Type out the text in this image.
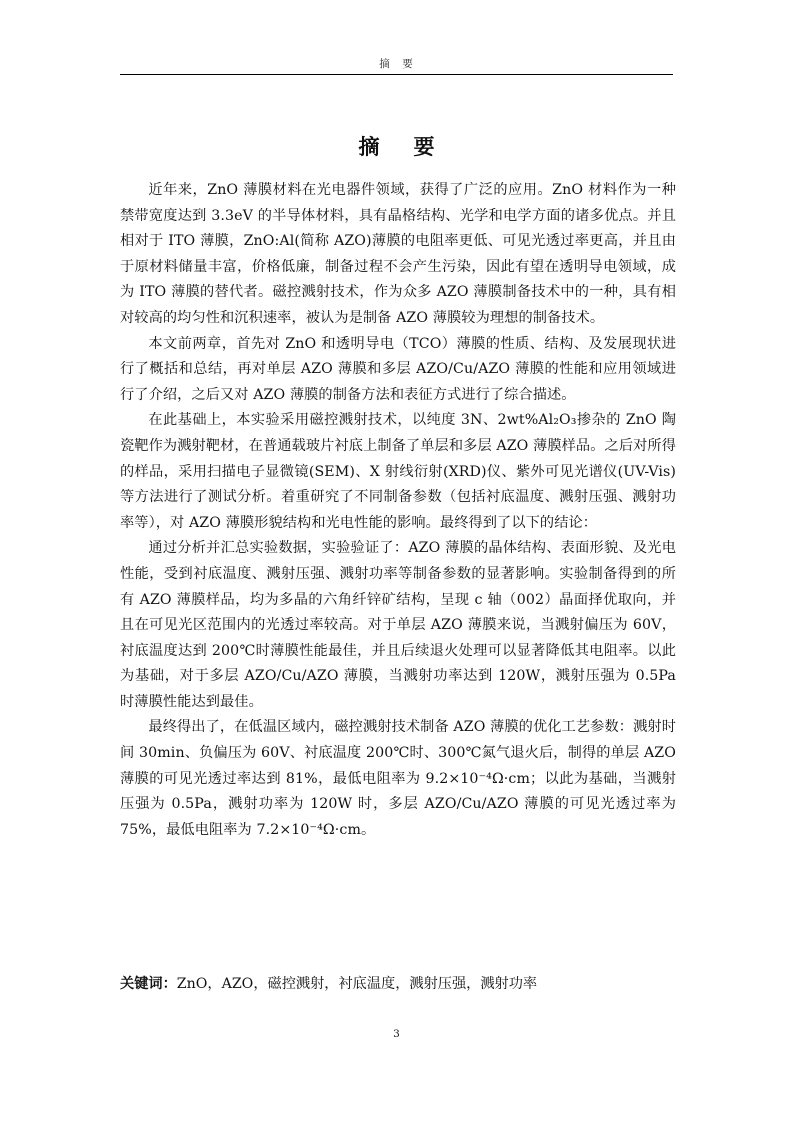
摘　要
摘要

近年来，ZnO 薄膜材料在光电器件领域，获得了广泛的应用。ZnO 材料作为一种禁带宽度达到 3.3eV 的半导体材料，具有晶格结构、光学和电学方面的诸多优点。并且相对于 ITO 薄膜，ZnO:Al(简称 AZO)薄膜的电阻率更低、可见光透过率更高，并且由于原材料储量丰富，价格低廉，制备过程不会产生污染，因此有望在透明导电领域，成为 ITO 薄膜的替代者。磁控溅射技术，作为众多 AZO 薄膜制备技术中的一种，具有相对较高的均匀性和沉积速率，被认为是制备 AZO 薄膜较为理想的制备技术。

本文前两章，首先对 ZnO 和透明导电（TCO）薄膜的性质、结构、及发展现状进行了概括和总结，再对单层 AZO 薄膜和多层 AZO/Cu/AZO 薄膜的性能和应用领域进行了介绍，之后又对 AZO 薄膜的制备方法和表征方式进行了综合描述。

在此基础上，本实验采用磁控溅射技术，以纯度 3N、2wt%Al₂O₃掺杂的 ZnO 陶瓷靶作为溅射靶材，在普通载玻片衬底上制备了单层和多层 AZO 薄膜样品。之后对所得的样品，采用扫描电子显微镜(SEM)、X 射线衍射(XRD)仪、紫外可见光谱仪(UV-Vis)等方法进行了测试分析。着重研究了不同制备参数（包括衬底温度、溅射压强、溅射功率等），对 AZO 薄膜形貌结构和光电性能的影响。最终得到了以下的结论：

通过分析并汇总实验数据，实验验证了：AZO 薄膜的晶体结构、表面形貌、及光电性能，受到衬底温度、溅射压强、溅射功率等制备参数的显著影响。实验制备得到的所有 AZO 薄膜样品，均为多晶的六角纤锌矿结构，呈现 c 轴（002）晶面择优取向，并且在可见光区范围内的光透过率较高。对于单层 AZO 薄膜来说，当溅射偏压为 60V，衬底温度达到 200℃时薄膜性能最佳，并且后续退火处理可以显著降低其电阻率。以此为基础，对于多层 AZO/Cu/AZO 薄膜，当溅射功率达到 120W，溅射压强为 0.5Pa 时薄膜性能达到最佳。

最终得出了，在低温区域内，磁控溅射技术制备 AZO 薄膜的优化工艺参数：溅射时间 30min、负偏压为 60V、衬底温度 200℃时、300℃氮气退火后，制得的单层 AZO 薄膜的可见光透过率达到 81%，最低电阻率为 9.2×10⁻⁴Ω·cm；以此为基础，当溅射压强为 0.5Pa，溅射功率为 120W 时，多层 AZO/Cu/AZO 薄膜的可见光透过率为 75%，最低电阻率为 7.2×10⁻⁴Ω·cm。

关键词：ZnO，AZO，磁控溅射，衬底温度，溅射压强，溅射功率
3
